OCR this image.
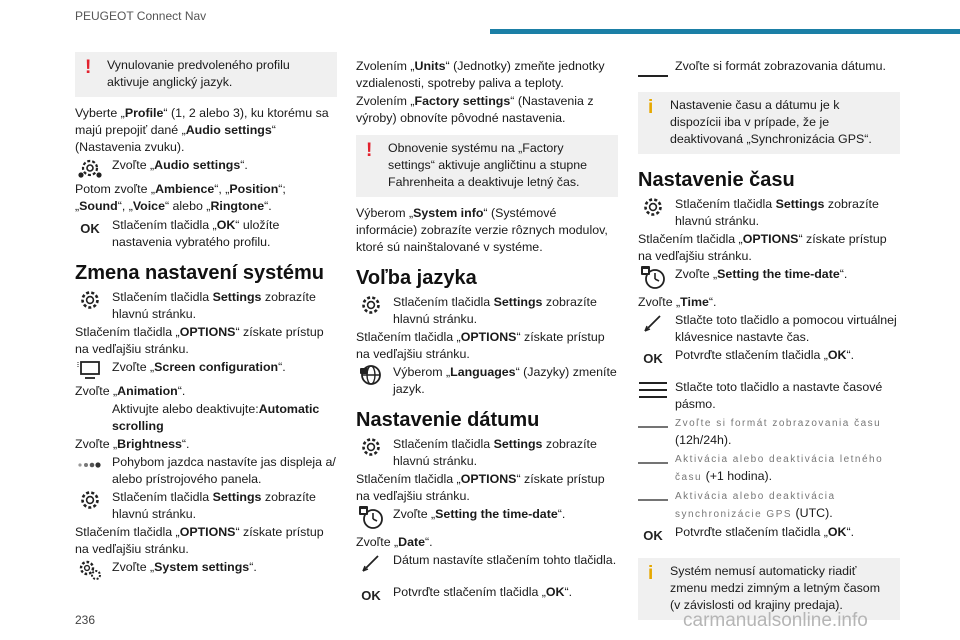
PEUGEOT Connect Nav
! Vynulovanie predvoleného profilu aktivuje anglický jazyk.

Vyberte „Profile“ (1, 2 alebo 3), ku ktorému sa majú prepojiť dané „Audio settings“ (Nastavenia zvuku).

Zvoľte „Audio settings“.

Potom zvoľte „Ambience“, „Position“; „Sound“, „Voice“ alebo „Ringtone“.

OK Stlačením tlačidla „OK“ uložíte nastavenia vybratého profilu.
Zmena nastavení systému
Stlačením tlačidla Settings zobrazíte hlavnú stránku.

Stlačením tlačidla „OPTIONS“ získate prístup na vedľajšiu stránku.

Zvoľte „Screen configuration“.

Zvoľte „Animation“.

Aktivujte alebo deaktivujte:Automatic scrolling

Zvoľte „Brightness“.

Pohybom jazdca nastavíte jas displeja a/ alebo prístrojového panela.
Stlačením tlačidla Settings zobrazíte hlavnú stránku.

Stlačením tlačidla „OPTIONS“ získate prístup na vedľajšiu stránku.

Zvoľte „System settings“.

Zvolením „Units“ (Jednotky) zmeňte jednotky vzdialenosti, spotreby paliva a teploty.

Zvolením „Factory settings“ (Nastavenia z výroby) obnovíte pôvodné nastavenia.

! Obnovenie systému na „Factory settings“ aktivuje angličtinu a stupne Fahrenheita a deaktivuje letný čas.

Výberom „System info“ (Systémové informácie) zobrazíte verzie rôznych modulov, ktoré sú nainštalované v systéme.

Voľba jazyka
Stlačením tlačidla Settings zobrazíte hlavnú stránku.

Stlačením tlačidla „OPTIONS“ získate prístup na vedľajšiu stránku.

Výberom „Languages“ (Jazyky) zmeníte jazyk.
Nastavenie dátumu
Stlačením tlačidla Settings zobrazíte hlavnú stránku.

Stlačením tlačidla „OPTIONS“ získate prístup na vedľajšiu stránku.

Zvoľte „Setting the time-date“.

Zvoľte „Date“.

Dátum nastavíte stlačením tohto tlačidla.
OK Potvrďte stlačením tlačidla „OK“.
Zvoľte si formát zobrazovania dátumu.
i Nastavenie času a dátumu je k dispozícii iba v prípade, že je deaktivovaná „Synchronizácia GPS“.
Nastavenie času
Stlačením tlačidla Settings zobrazíte hlavnú stránku.

Stlačením tlačidla „OPTIONS“ získate prístup na vedľajšiu stránku.

Zvoľte „Setting the time-date“.

Zvoľte „Time“.

Stlačte toto tlačidlo a pomocou virtuálnej klávesnice nastavte čas.
OK Potvrďte stlačením tlačidla „OK“.
Stlačte toto tlačidlo a nastavte časové pásmo.
Zvoľte si formát zobrazovania času (12h/24h).
Aktivácia alebo deaktivácia letného času (+1 hodina).
Aktivácia alebo deaktivácia synchronizácie GPS (UTC).
OK Potvrďte stlačením tlačidla „OK“.
i Systém nemusí automaticky riadiť zmenu medzi zimným a letným časom (v závislosti od krajiny predaja).
236	carmanualsonline.info
